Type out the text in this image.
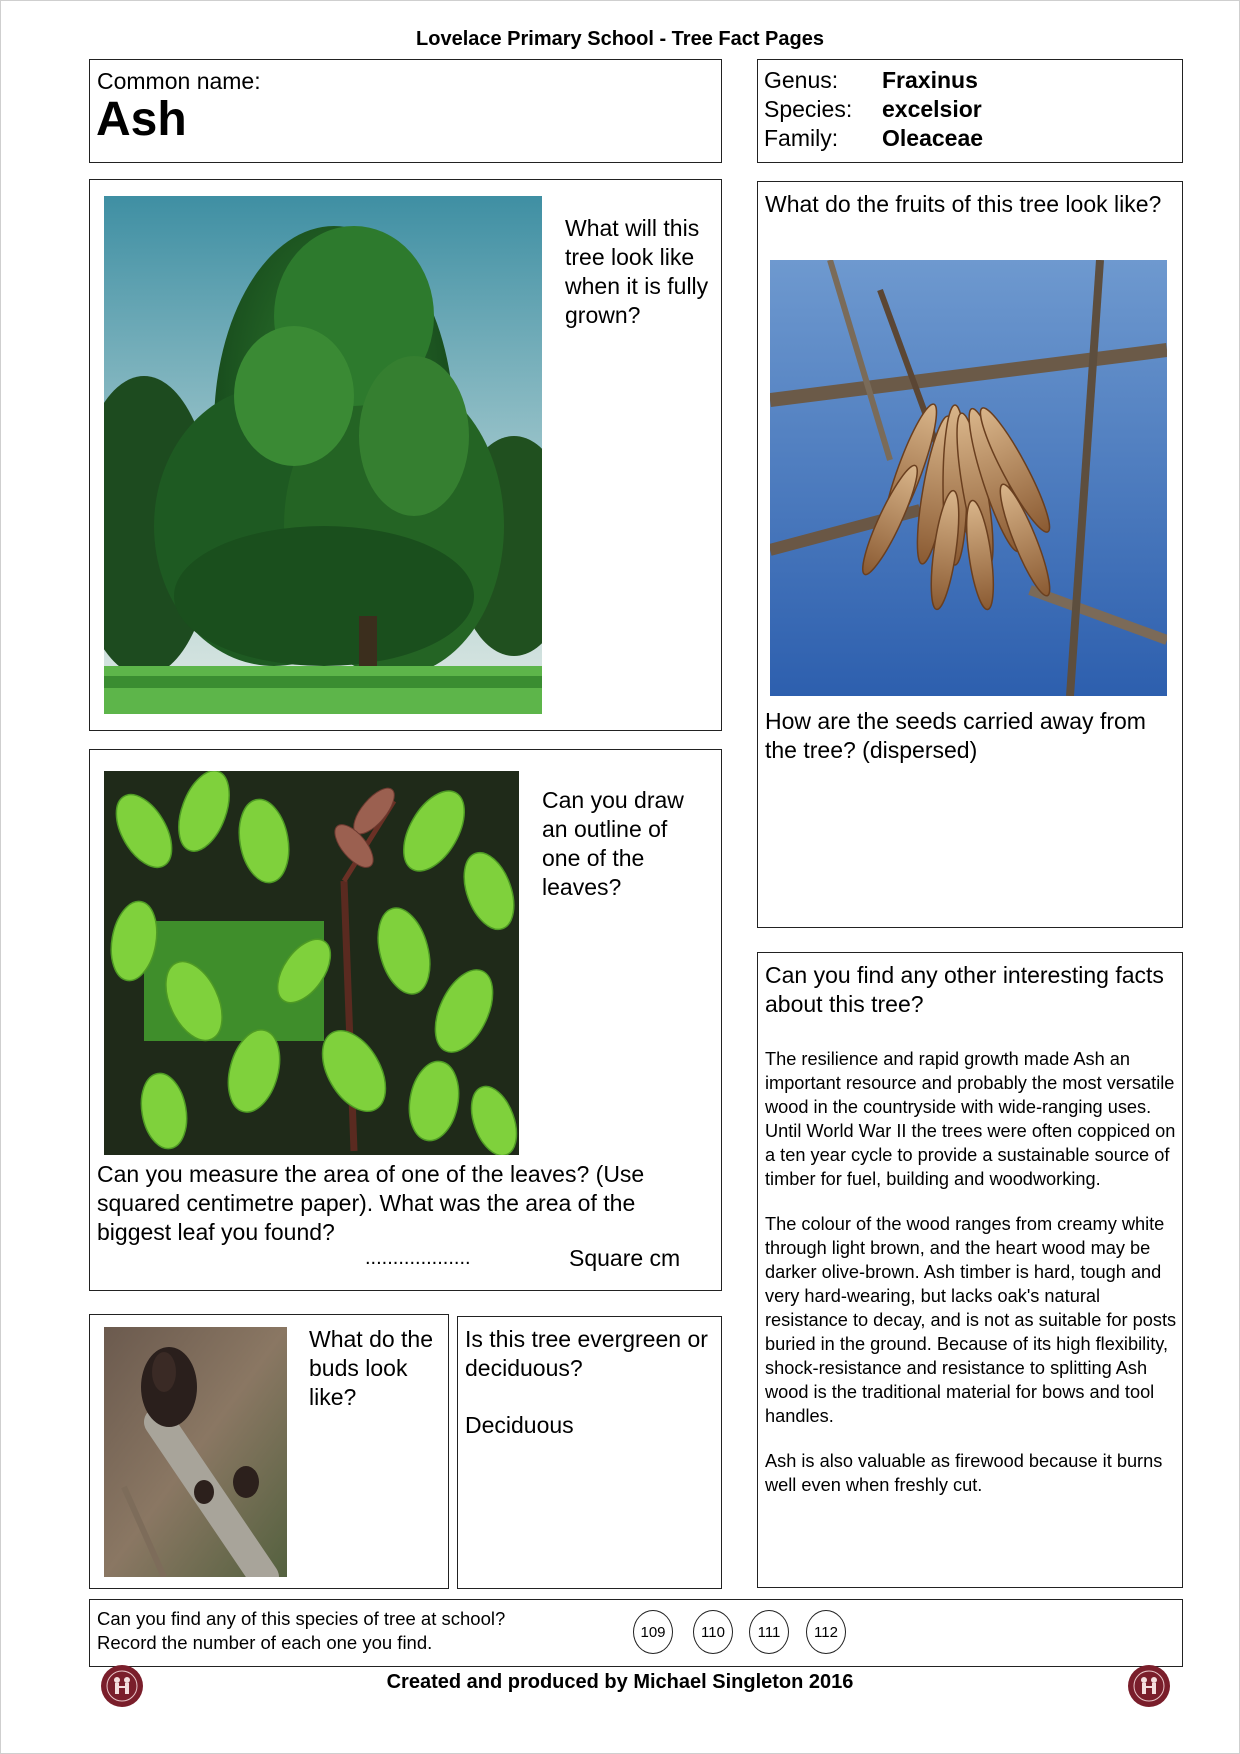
Lovelace Primary School - Tree Fact Pages
Common name:
Ash
Genus: Fraxinus
Species: excelsior
Family: Oleaceae
What will this tree look like when it is fully grown?
What do the fruits of this tree look like?
How are the seeds carried away from the tree? (dispersed)
Can you draw an outline of one of the leaves?
Can you measure the area of one of the leaves? (Use squared centimetre paper). What was the area of the biggest leaf you found?
...................	Square cm
Can you find any other interesting facts about this tree?

The resilience and rapid growth made Ash an important resource and probably the most versatile wood in the countryside with wide-ranging uses. Until World War II the trees were often coppiced on a ten year cycle to provide a sustainable source of timber for fuel, building and woodworking.

The colour of the wood ranges from creamy white through light brown, and the heart wood may be darker olive-brown. Ash timber is hard, tough and very hard-wearing, but lacks oak's natural resistance to decay, and is not as suitable for posts buried in the ground. Because of its high flexibility, shock-resistance and resistance to splitting Ash wood is the traditional material for bows and tool handles.

Ash is also valuable as firewood because it burns well even when freshly cut.

What do the buds look like?
Is this tree evergreen or deciduous?
Deciduous
Can you find any of this species of tree at school?
Record the number of each one you find.	109	110	111	112
Created and produced by Michael Singleton 2016
